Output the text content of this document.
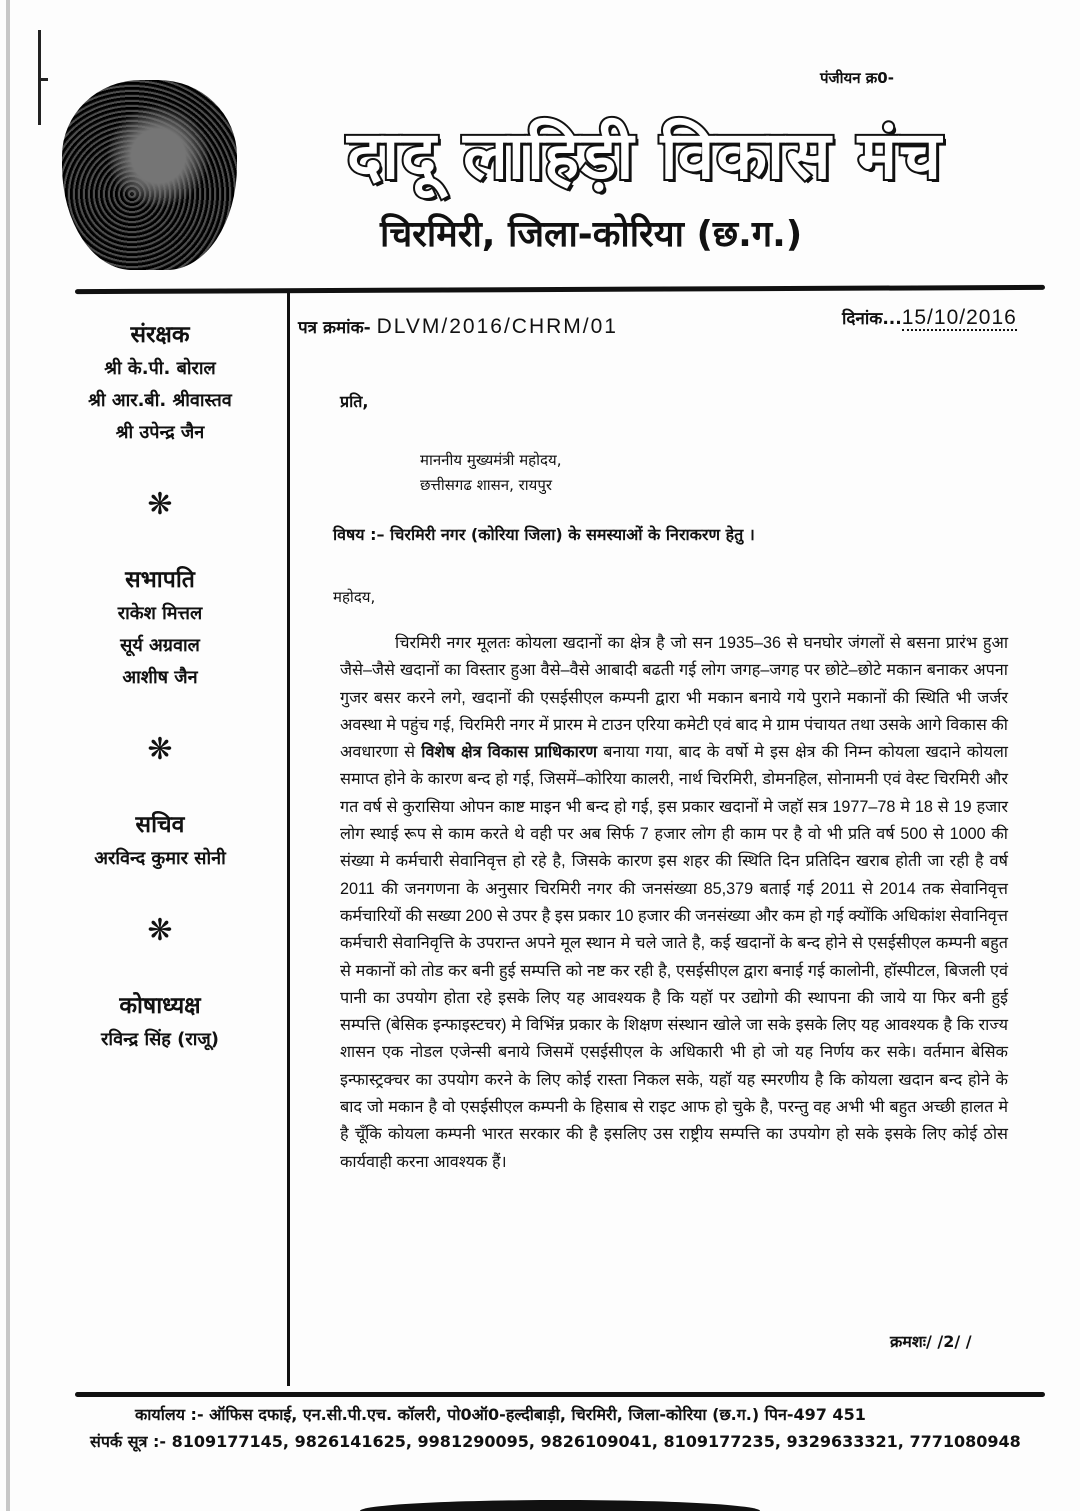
पंजीयन क्र0-
दादू लाहिड़ी विकास मंच
चिरमिरी, जिला-कोरिया (छ.ग.)
संरक्षक
श्री के.पी. बोराल
श्री आर.बी. श्रीवास्तव
श्री उपेन्द्र जैन
❋
सभापति
राकेश मित्तल
सूर्य अग्रवाल
आशीष जैन
❋
सचिव
अरविन्द कुमार सोनी
❋
कोषाध्यक्ष
रविन्द्र सिंह (राजू)
पत्र क्रमांक- DLVM/2016/CHRM/01	दिनांक...15/10/2016
प्रति,
माननीय मुख्यमंत्री महोदय,
छत्तीसगढ शासन, रायपुर
विषय :– चिरमिरी नगर (कोरिया जिला) के समस्याओं के निराकरण हेतु ।
महोदय,
चिरमिरी नगर मूलतः कोयला खदानों का क्षेत्र है जो सन 1935–36 से घनघोर जंगलों से बसना प्रारंभ हुआ जैसे–जैसे खदानों का विस्तार हुआ वैसे–वैसे आबादी बढती गई लोग जगह–जगह पर छोटे–छोटे मकान बनाकर अपना गुजर बसर करने लगे, खदानों की एसईसीएल कम्पनी द्वारा भी मकान बनाये गये पुराने मकानों की स्थिति भी जर्जर अवस्था मे पहुंच गई, चिरमिरी नगर में प्रारम मे टाउन एरिया कमेटी एवं बाद मे ग्राम पंचायत तथा उसके आगे विकास की अवधारणा से विशेष क्षेत्र विकास प्राधिकारण बनाया गया, बाद के वर्षो मे इस क्षेत्र की निम्न कोयला खदाने कोयला समाप्त होने के कारण बन्द हो गई, जिसमें–कोरिया कालरी, नार्थ चिरमिरी, डोमनहिल, सोनामनी एवं वेस्ट चिरमिरी और गत वर्ष से कुरासिया ओपन काष्ट माइन भी बन्द हो गई, इस प्रकार खदानों मे जहॉ सत्र 1977–78 मे 18 से 19 हजार लोग स्थाई रूप से काम करते थे वही पर अब सिर्फ 7 हजार लोग ही काम पर है वो भी प्रति वर्ष 500 से 1000 की संख्या मे कर्मचारी सेवानिवृत्त हो रहे है, जिसके कारण इस शहर की स्थिति दिन प्रतिदिन खराब होती जा रही है वर्ष 2011 की जनगणना के अनुसार चिरमिरी नगर की जनसंख्या 85,379 बताई गई 2011 से 2014 तक सेवानिवृत्त कर्मचारियों की सख्या 200 से उपर है इस प्रकार 10 हजार की जनसंख्या और कम हो गई क्योंकि अधिकांश सेवानिवृत्त कर्मचारी सेवानिवृत्ति के उपरान्त अपने मूल स्थान मे चले जाते है, कई खदानों के बन्द होने से एसईसीएल कम्पनी बहुत से मकानों को तोड कर बनी हुई सम्पत्ति को नष्ट कर रही है, एसईसीएल द्वारा बनाई गई कालोनी, हॉस्पीटल, बिजली एवं पानी का उपयोग होता रहे इसके लिए यह आवश्यक है कि यहॉ पर उद्योगो की स्थापना की जाये या फिर बनी हुई सम्पत्ति (बेसिक इन्फाइस्टचर) मे विभिंन्न प्रकार के शिक्षण संस्थान खोले जा सके इसके लिए यह आवश्यक है कि राज्य शासन एक नोडल एजेन्सी बनाये जिसमें एसईसीएल के अधिकारी भी हो जो यह निर्णय कर सके। वर्तमान बेसिक इन्फास्ट्रक्चर का उपयोग करने के लिए कोई रास्ता निकल सके, यहॉ यह स्मरणीय है कि कोयला खदान बन्द होने के बाद जो मकान है वो एसईसीएल कम्पनी के हिसाब से राइट आफ हो चुके है, परन्तु वह अभी भी बहुत अच्छी हालत मे है चूँकि कोयला कम्पनी भारत सरकार की है इसलिए उस राष्ट्रीय सम्पत्ति का उपयोग हो सके इसके लिए कोई ठोस कार्यवाही करना आवश्यक हैं।
क्रमशः/ /2/ /
कार्यालय :- ऑफिस दफाई, एन.सी.पी.एच. कॉलरी, पो0ऑ0-हल्दीबाड़ी, चिरमिरी, जिला-कोरिया (छ.ग.) पिन-497 451
संपर्क सूत्र :- 8109177145, 9826141625, 9981290095, 9826109041, 8109177235, 9329633321, 7771080948
